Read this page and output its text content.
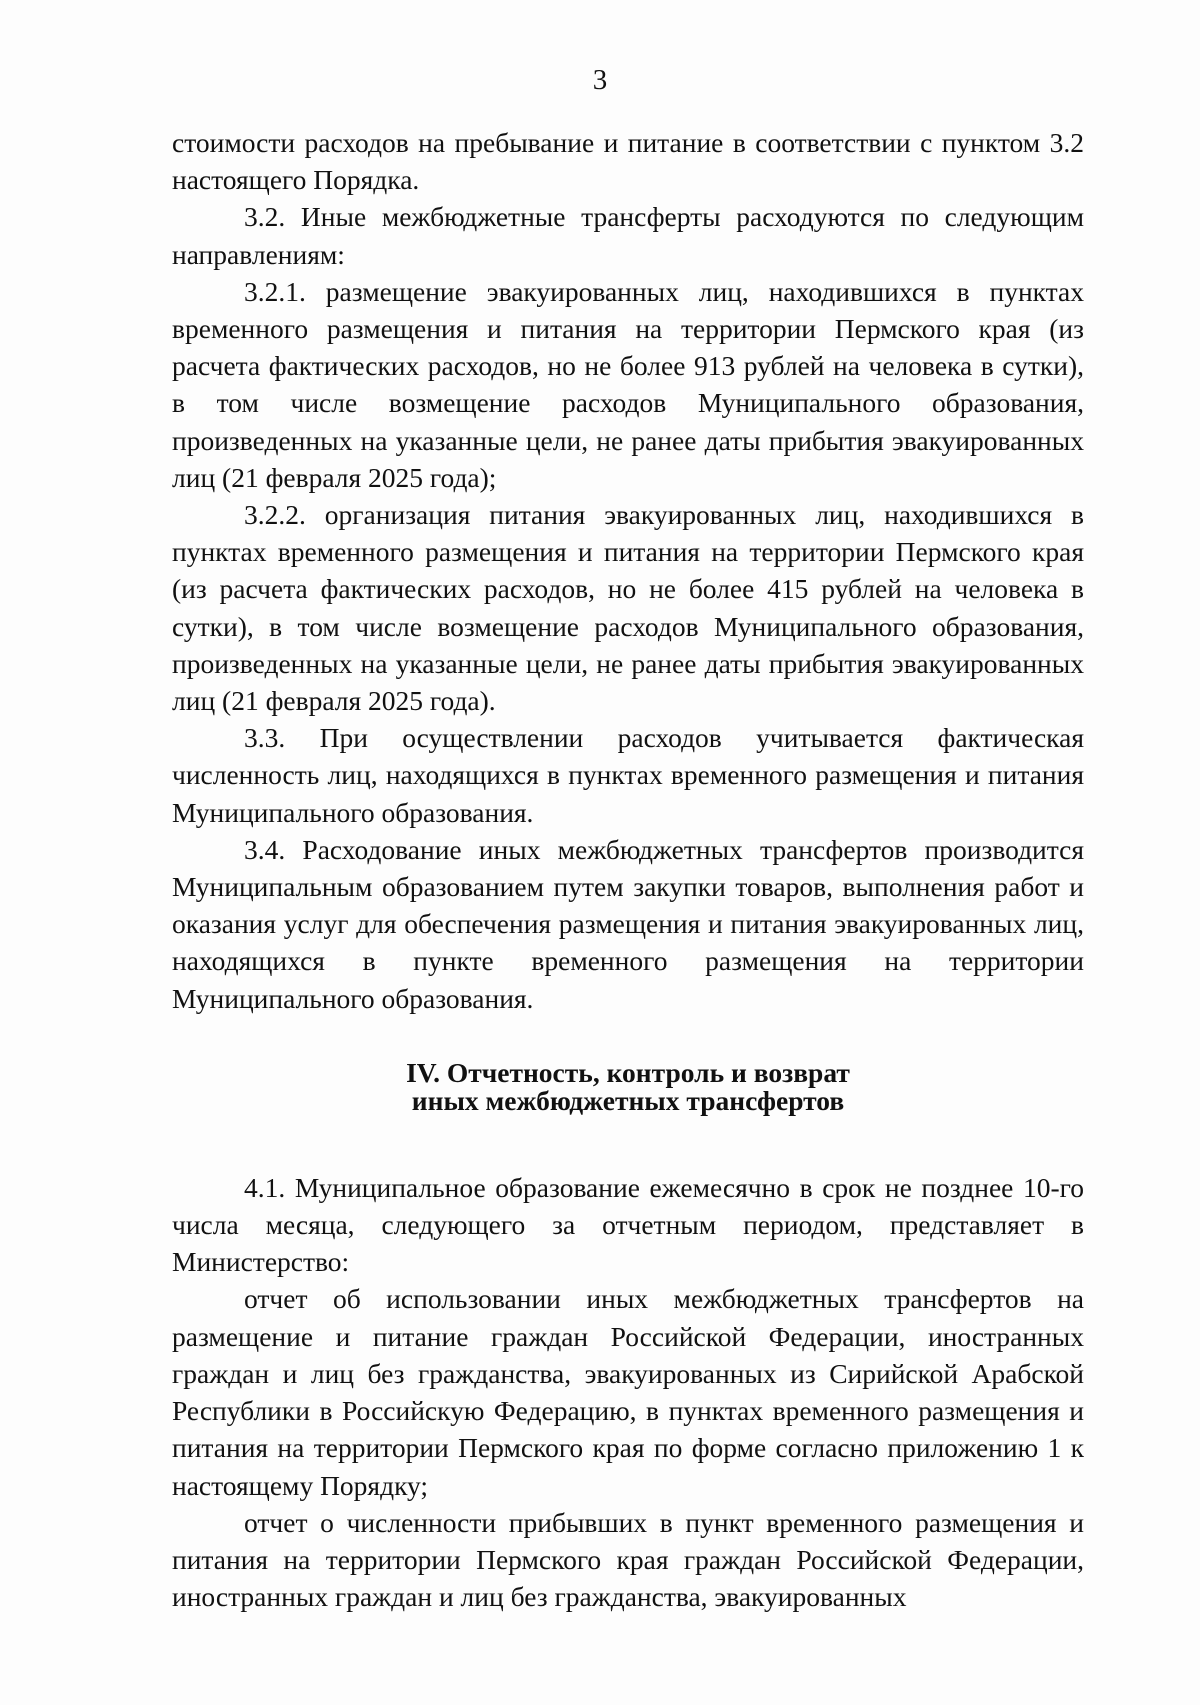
3

стоимости расходов на пребывание и питание в соответствии с пунктом 3.2 настоящего Порядка.

3.2. Иные межбюджетные трансферты расходуются по следующим направлениям:

3.2.1. размещение эвакуированных лиц, находившихся в пунктах временного размещения и питания на территории Пермского края (из расчета фактических расходов, но не более 913 рублей на человека в сутки), в том числе возмещение расходов Муниципального образования, произведенных на указанные цели, не ранее даты прибытия эвакуированных лиц (21 февраля 2025 года);

3.2.2. организация питания эвакуированных лиц, находившихся в пунктах временного размещения и питания на территории Пермского края (из расчета фактических расходов, но не более 415 рублей на человека в сутки), в том числе возмещение расходов Муниципального образования, произведенных на указанные цели, не ранее даты прибытия эвакуированных лиц (21 февраля 2025 года).

3.3. При осуществлении расходов учитывается фактическая численность лиц, находящихся в пунктах временного размещения и питания Муниципального образования.

3.4. Расходование иных межбюджетных трансфертов производится Муниципальным образованием путем закупки товаров, выполнения работ и оказания услуг для обеспечения размещения и питания эвакуированных лиц, находящихся в пункте временного размещения на территории Муниципального образования.

IV. Отчетность, контроль и возврат
иных межбюджетных трансфертов

4.1. Муниципальное образование ежемесячно в срок не позднее 10-го числа месяца, следующего за отчетным периодом, представляет в Министерство:

отчет об использовании иных межбюджетных трансфертов на размещение и питание граждан Российской Федерации, иностранных граждан и лиц без гражданства, эвакуированных из Сирийской Арабской Республики в Российскую Федерацию, в пунктах временного размещения и питания на территории Пермского края по форме согласно приложению 1 к настоящему Порядку;

отчет о численности прибывших в пункт временного размещения и питания на территории Пермского края граждан Российской Федерации, иностранных граждан и лиц без гражданства, эвакуированных
